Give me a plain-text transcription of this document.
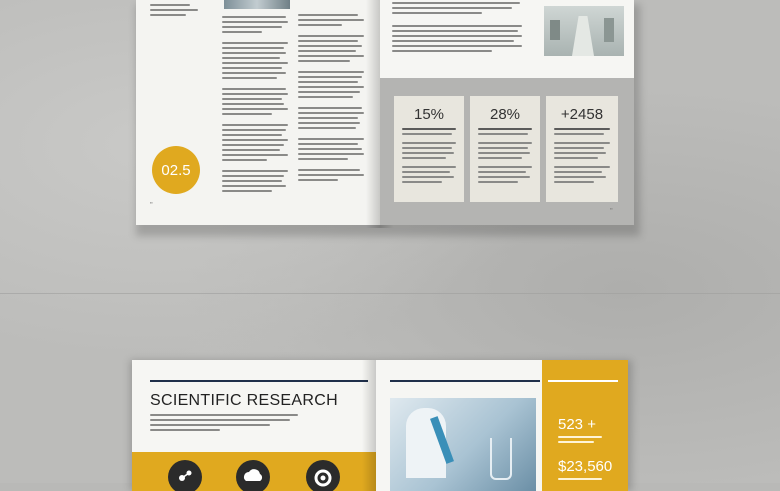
02.5
▪▪
15%	28%	+2458
▪▪
SCIENTIFIC RESEARCH
523 +
$23,560
